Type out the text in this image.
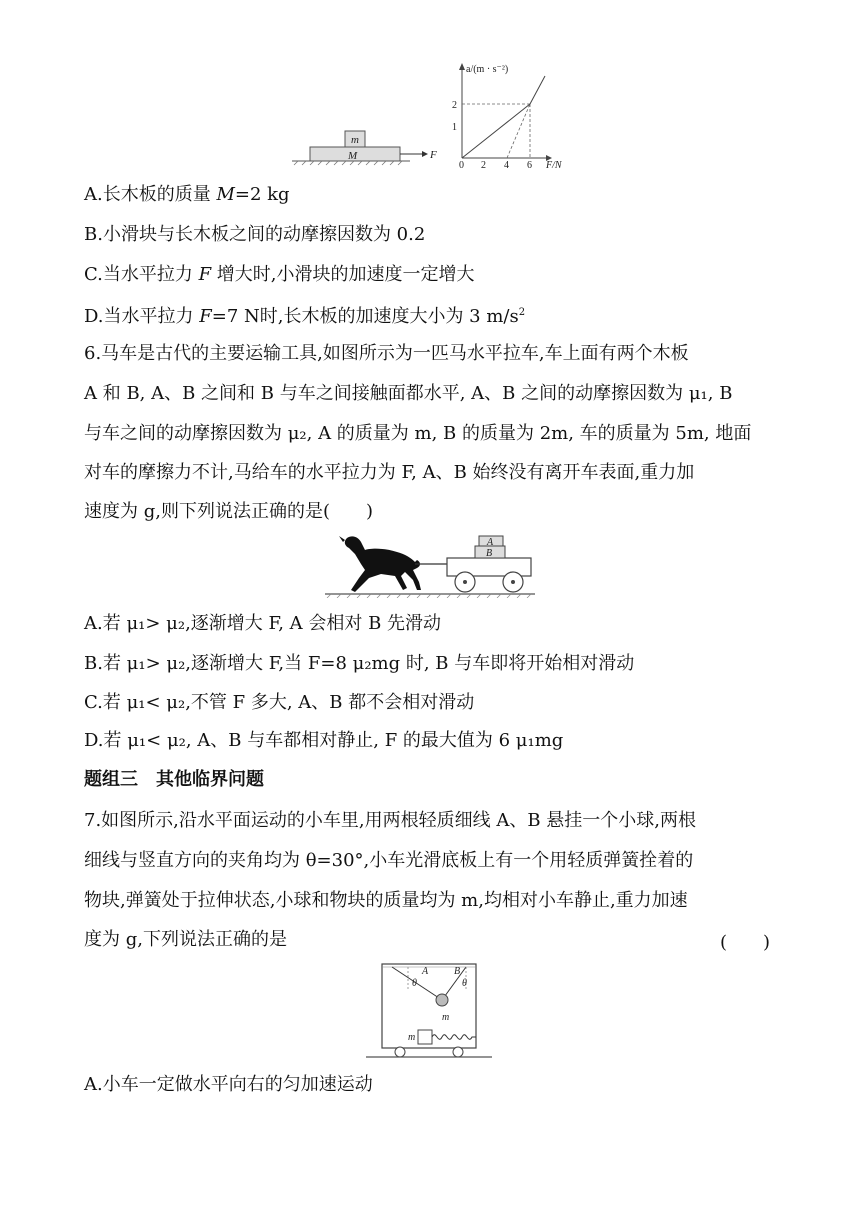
m
M	F
a/(m · s⁻²)
F/N
2
1
0 2 4 6
A.长木板的质量 M=2 kg
B.小滑块与长木板之间的动摩擦因数为 0.2
C.当水平拉力 F 增大时,小滑块的加速度一定增大
D.当水平拉力 F=7 N时,长木板的加速度大小为 3 $m/s^2$
6.马车是古代的主要运输工具,如图所示为一匹马水平拉车,车上面有两个木板
A 和 B, A、B 之间和 B 与车之间接触面都水平, A、B 之间的动摩擦因数为 μ₁, B
与车之间的动摩擦因数为 μ₂, A 的质量为 m, B 的质量为 2m, 车的质量为 5m, 地面
对车的摩擦力不计,马给车的水平拉力为 F, A、B 始终没有离开车表面,重力加
速度为 g,则下列说法正确的是(　　)
A
B
A.若 μ₁> μ₂,逐渐增大 F, A 会相对 B 先滑动
B.若 μ₁> μ₂,逐渐增大 F,当 F=8 μ₂mg 时, B 与车即将开始相对滑动
C.若 μ₁< μ₂,不管 F 多大, A、B 都不会相对滑动
D.若 μ₁< μ₂, A、B 与车都相对静止, F 的最大值为 6 μ₁mg
题组三　其他临界问题
7.如图所示,沿水平面运动的小车里,用两根轻质细线 A、B 悬挂一个小球,两根
细线与竖直方向的夹角均为 θ=30°,小车光滑底板上有一个用轻质弹簧拴着的
物块,弹簧处于拉伸状态,小球和物块的质量均为 m,均相对小车静止,重力加速
度为 g,下列说法正确的是	(　　)
A	B
θ	θ
m
m
A.小车一定做水平向右的匀加速运动
